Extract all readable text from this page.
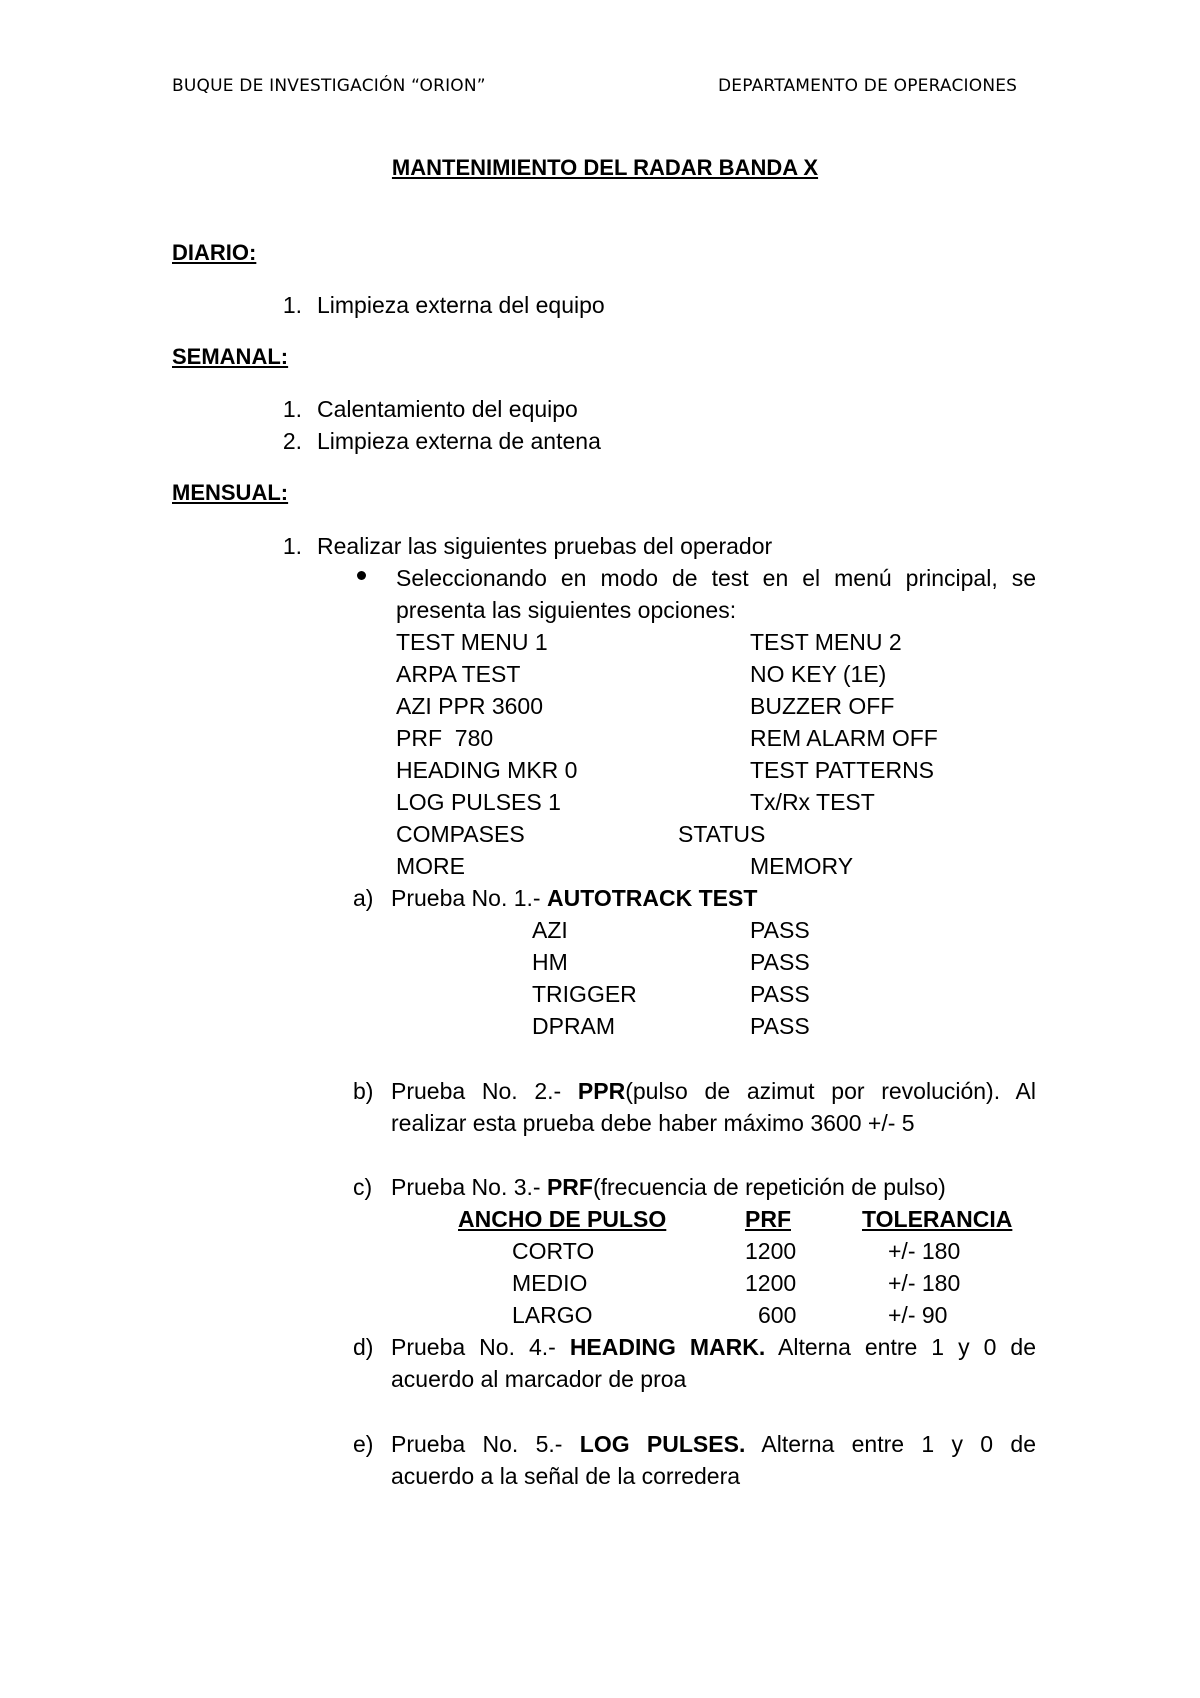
BUQUE DE INVESTIGACIÓN “ORION”	DEPARTAMENTO DE OPERACIONES
MANTENIMIENTO DEL RADAR BANDA X
DIARIO:
1. Limpieza externa del equipo
SEMANAL:
1. Calentamiento del equipo
2. Limpieza externa de antena
MENSUAL:
1. Realizar las siguientes pruebas del operador
Seleccionando en modo de test en el menú principal, se
presenta las siguientes opciones:
TEST MENU 1	TEST MENU 2
ARPA TEST	NO KEY (1E)
AZI PPR 3600	BUZZER OFF
PRF  780	REM ALARM OFF
HEADING MKR 0	TEST PATTERNS
LOG PULSES 1	Tx/Rx TEST
COMPASES	STATUS
MORE	MEMORY
a) Prueba No. 1.- AUTOTRACK TEST
AZI	PASS
HM	PASS
TRIGGER	PASS
DPRAM	PASS
b) Prueba No. 2.- PPR(pulso de azimut por revolución). Al
realizar esta prueba debe haber máximo 3600 +/- 5
c) Prueba No. 3.- PRF(frecuencia de repetición de pulso)
ANCHO DE PULSO	PRF	TOLERANCIA
CORTO	1200	+/- 180
MEDIO	1200	+/- 180
LARGO	600	+/- 90
d) Prueba No. 4.- HEADING MARK. Alterna entre 1 y 0 de
acuerdo al marcador de proa
e) Prueba No. 5.- LOG PULSES. Alterna entre 1 y 0 de
acuerdo a la señal de la corredera
